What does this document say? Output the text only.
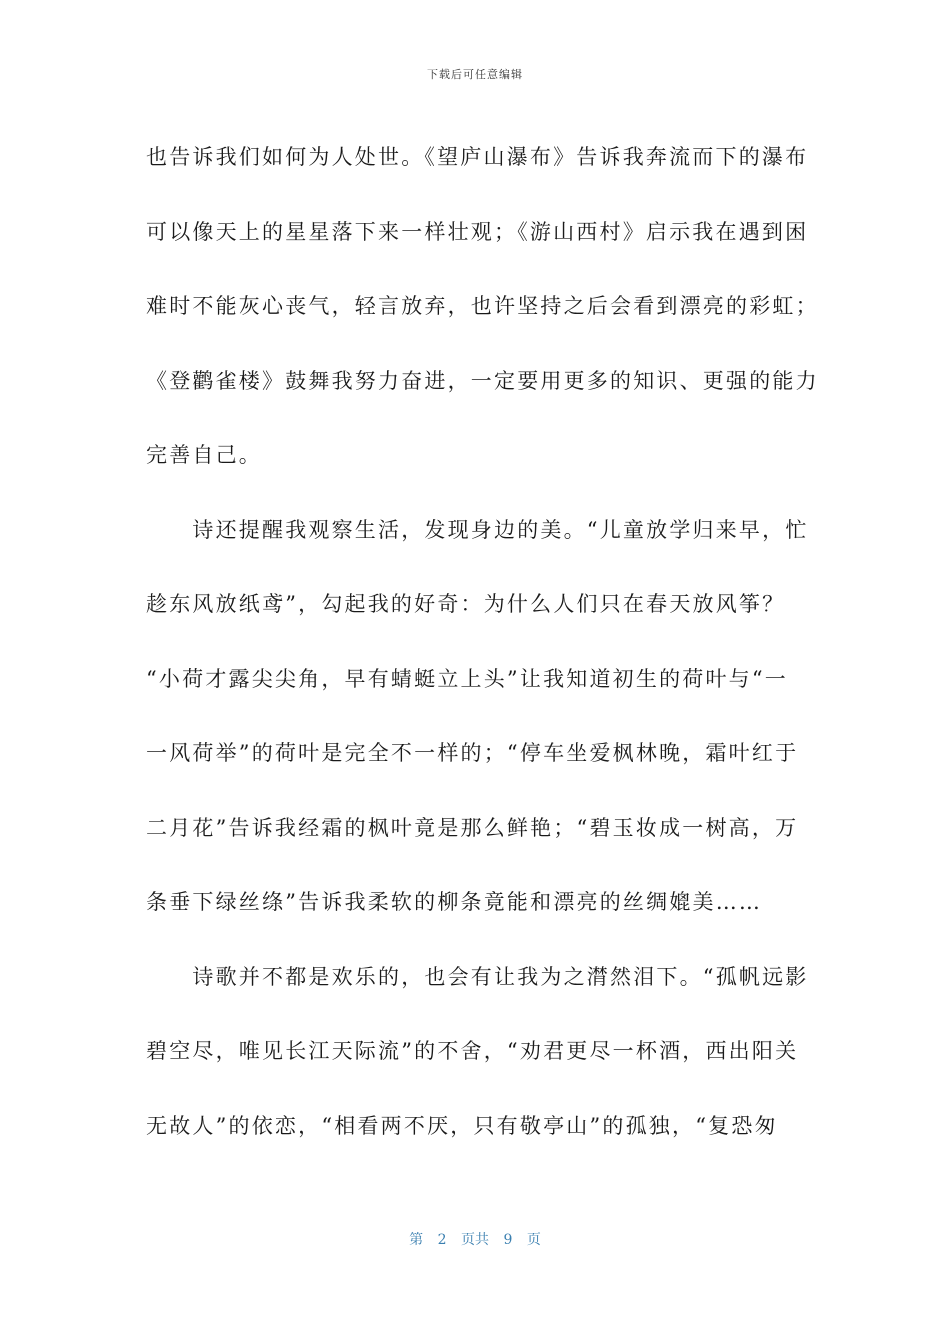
下载后可任意编辑
也告诉我们如何为人处世。《望庐山瀑布》告诉我奔流而下的瀑布
可以像天上的星星落下来一样壮观；《游山西村》启示我在遇到困
难时不能灰心丧气，轻言放弃，也许坚持之后会看到漂亮的彩虹；
《登鹳雀楼》鼓舞我努力奋进，一定要用更多的知识、更强的能力
完善自己。
　　诗还提醒我观察生活，发现身边的美。“儿童放学归来早，忙
趁东风放纸鸢”，勾起我的好奇：为什么人们只在春天放风筝？
“小荷才露尖尖角，早有蜻蜓立上头”让我知道初生的荷叶与“一
一风荷举”的荷叶是完全不一样的；“停车坐爱枫林晚，霜叶红于
二月花”告诉我经霜的枫叶竟是那么鲜艳；“碧玉妆成一树高，万
条垂下绿丝绦”告诉我柔软的柳条竟能和漂亮的丝绸媲美……
　　诗歌并不都是欢乐的，也会有让我为之潸然泪下。“孤帆远影
碧空尽，唯见长江天际流”的不舍，“劝君更尽一杯酒，西出阳关
无故人”的依恋，“相看两不厌，只有敬亭山”的孤独，“复恐匆
第 2 页共 9 页
